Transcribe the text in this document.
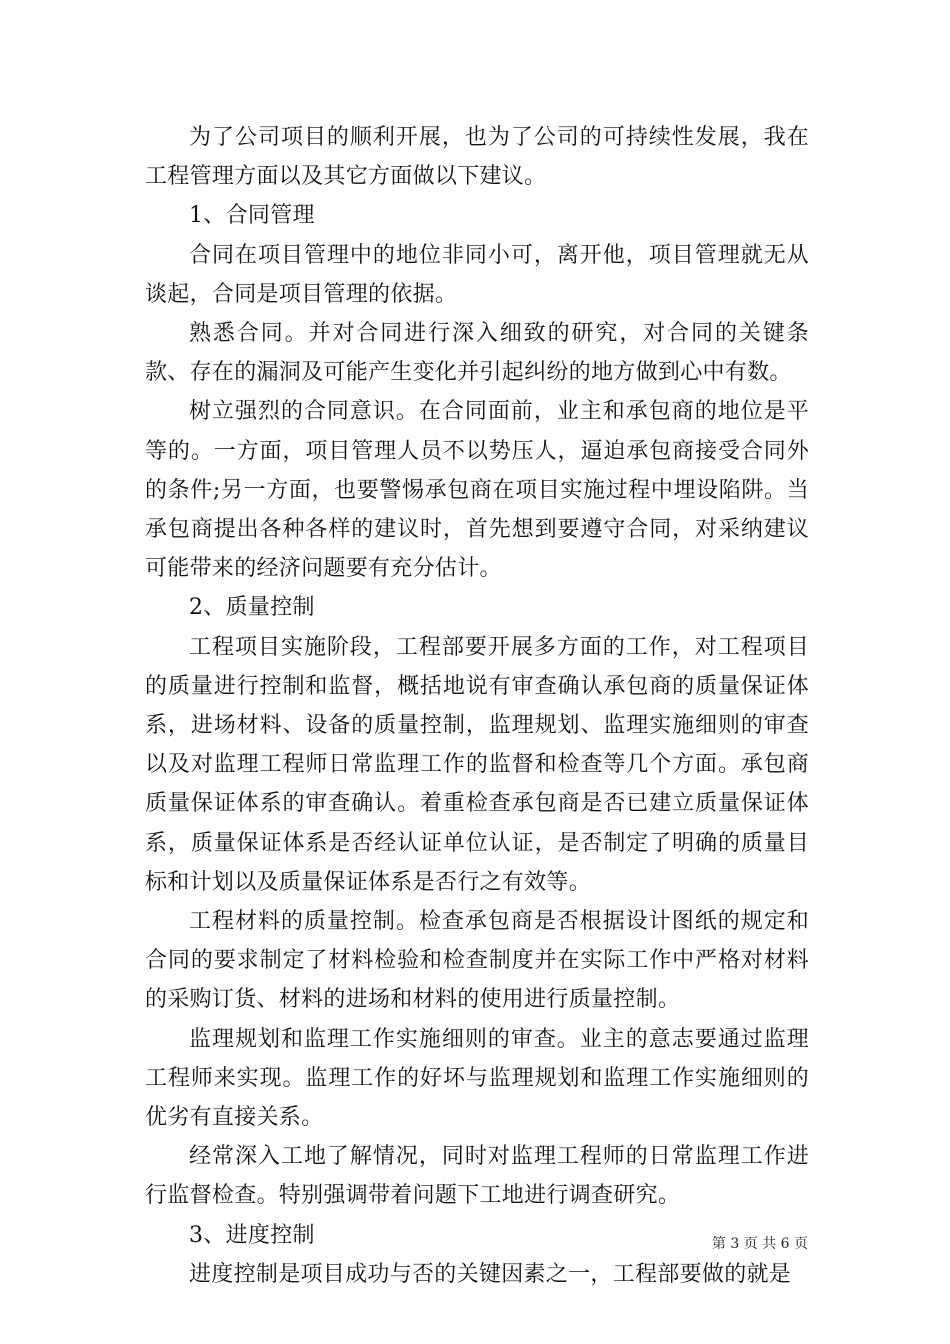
为了公司项目的顺利开展，也为了公司的可持续性发展，我在工程管理方面以及其它方面做以下建议。

1、合同管理

合同在项目管理中的地位非同小可，离开他，项目管理就无从谈起，合同是项目管理的依据。

熟悉合同。并对合同进行深入细致的研究，对合同的关键条款、存在的漏洞及可能产生变化并引起纠纷的地方做到心中有数。

树立强烈的合同意识。在合同面前，业主和承包商的地位是平等的。一方面，项目管理人员不以势压人，逼迫承包商接受合同外的条件;另一方面，也要警惕承包商在项目实施过程中埋设陷阱。当承包商提出各种各样的建议时，首先想到要遵守合同，对采纳建议可能带来的经济问题要有充分估计。

2、质量控制

工程项目实施阶段，工程部要开展多方面的工作，对工程项目的质量进行控制和监督，概括地说有审查确认承包商的质量保证体系，进场材料、设备的质量控制，监理规划、监理实施细则的审查以及对监理工程师日常监理工作的监督和检查等几个方面。承包商质量保证体系的审查确认。着重检查承包商是否已建立质量保证体系，质量保证体系是否经认证单位认证，是否制定了明确的质量目标和计划以及质量保证体系是否行之有效等。

工程材料的质量控制。检查承包商是否根据设计图纸的规定和合同的要求制定了材料检验和检查制度并在实际工作中严格对材料的采购订货、材料的进场和材料的使用进行质量控制。

监理规划和监理工作实施细则的审查。业主的意志要通过监理工程师来实现。监理工作的好坏与监理规划和监理工作实施细则的优劣有直接关系。

经常深入工地了解情况，同时对监理工程师的日常监理工作进行监督检查。特别强调带着问题下工地进行调查研究。

3、进度控制

进度控制是项目成功与否的关键因素之一，工程部要做的就是

第 3 页 共 6 页
